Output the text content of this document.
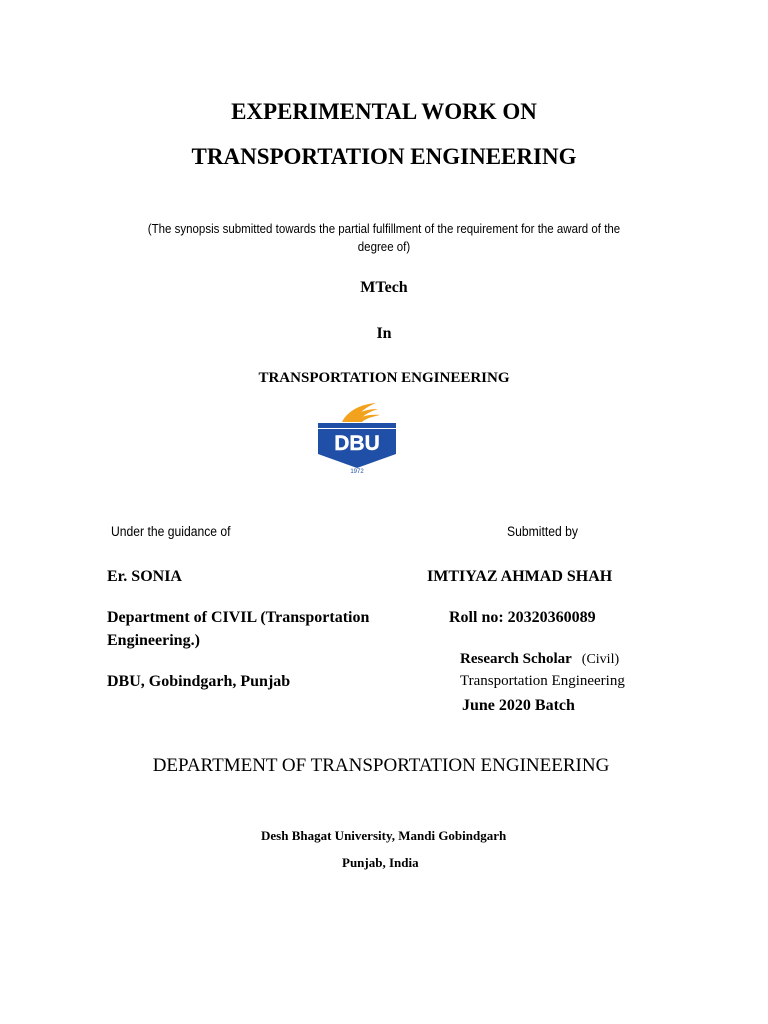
EXPERIMENTAL WORK ON
TRANSPORTATION ENGINEERING
(The synopsis submitted towards the partial fulfillment of the requirement for the award of the
degree of)
MTech
In
TRANSPORTATION ENGINEERING
DBU
1972
Under the guidance of
Er. SONIA
Department of CIVIL (Transportation
Engineering.)
DBU, Gobindgarh, Punjab
Submitted by
IMTIYAZ AHMAD SHAH
Roll no: 20320360089
Research Scholar (Civil)
Transportation Engineering
June 2020 Batch
DEPARTMENT OF TRANSPORTATION ENGINEERING
Desh Bhagat University, Mandi Gobindgarh
Punjab, India
